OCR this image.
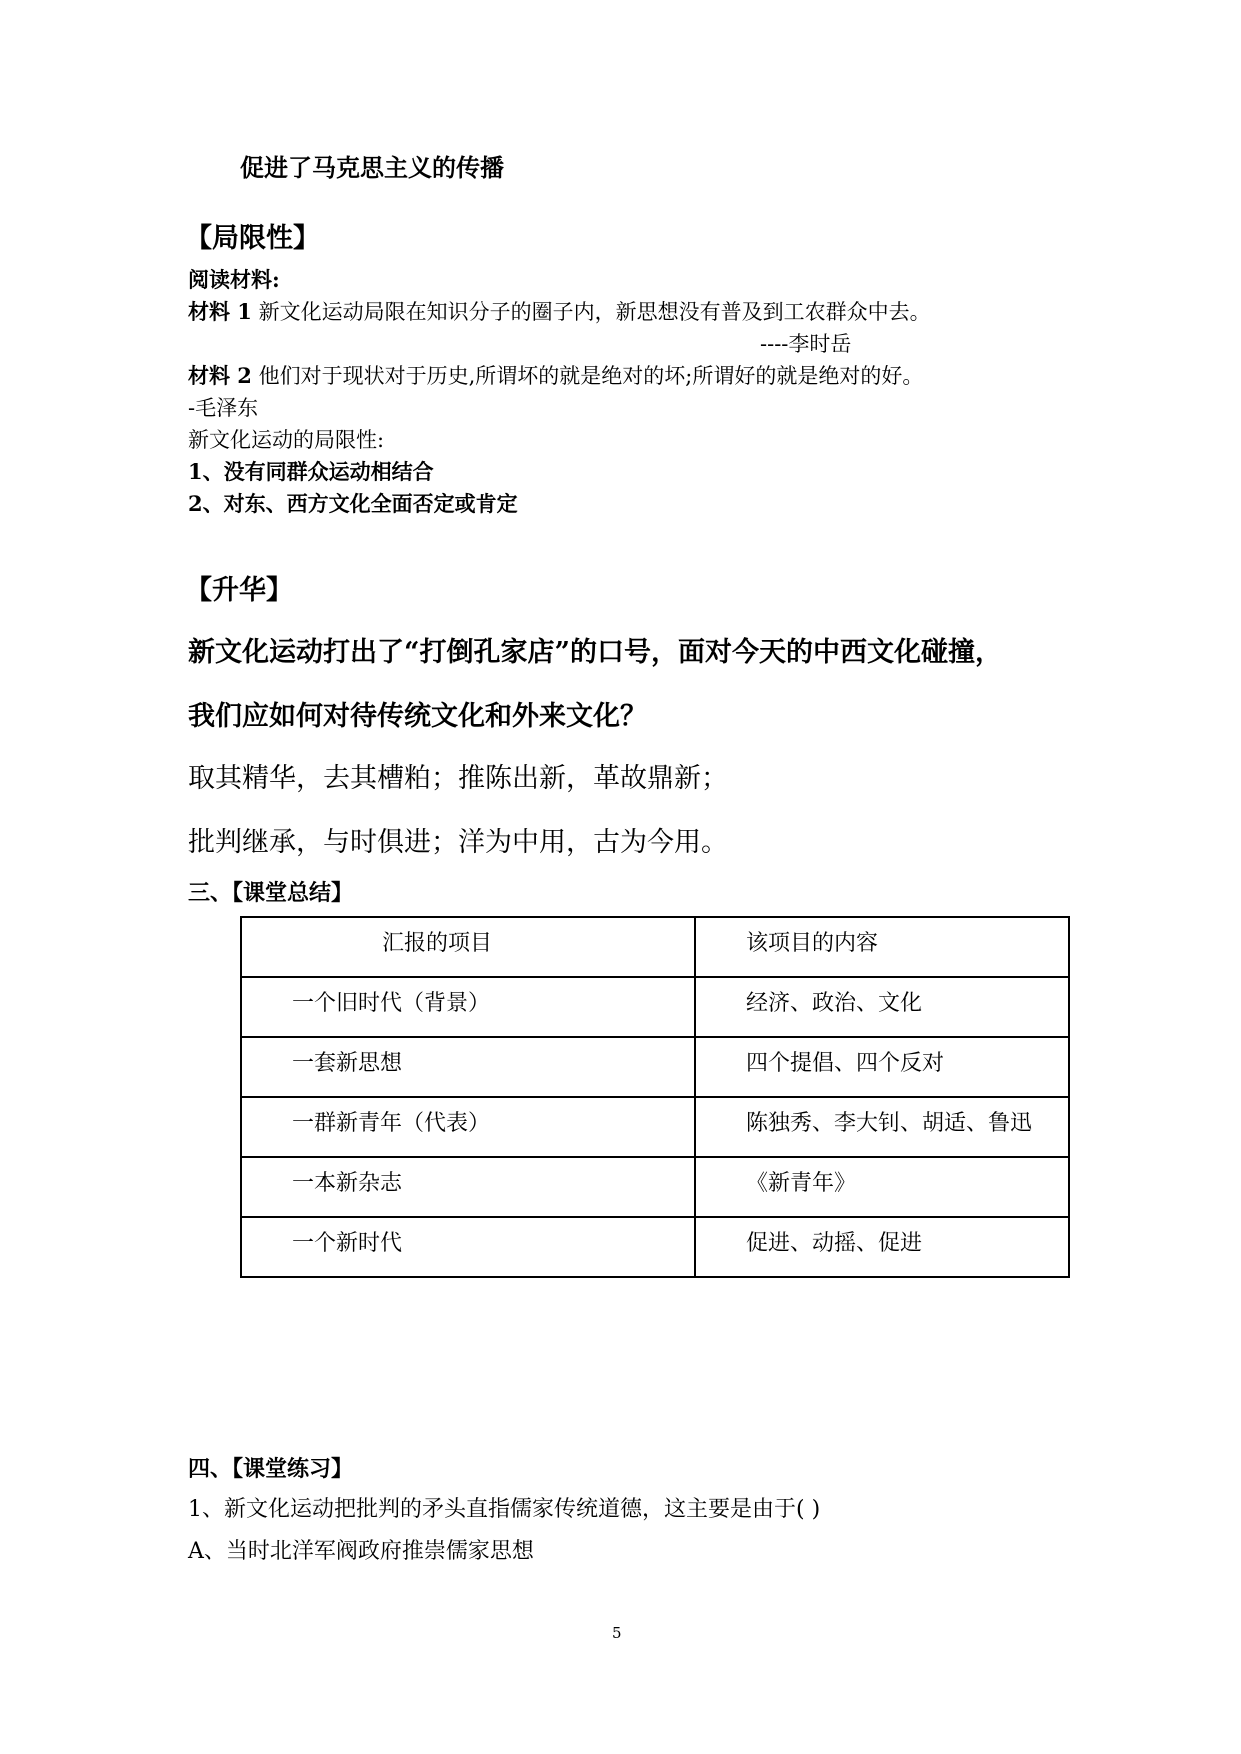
促进了马克思主义的传播
【局限性】
阅读材料:
材料 1 新文化运动局限在知识分子的圈子内，新思想没有普及到工农群众中去。
----李时岳
材料 2 他们对于现状对于历史,所谓坏的就是绝对的坏;所谓好的就是绝对的好。
-毛泽东
新文化运动的局限性:
1、没有同群众运动相结合
2、对东、西方文化全面否定或肯定
【升华】
新文化运动打出了“打倒孔家店”的口号，面对今天的中西文化碰撞，
我们应如何对待传统文化和外来文化？
取其精华，去其槽粕；推陈出新，革故鼎新；
批判继承，与时俱进；洋为中用，古为今用。
三、【课堂总结】
汇报的项目	该项目的内容
一个旧时代（背景）	经济、政治、文化
一套新思想	四个提倡、四个反对
一群新青年（代表）	陈独秀、李大钊、胡适、鲁迅
一本新杂志	《新青年》
一个新时代	促进、动摇、促进
四、【课堂练习】
1、新文化运动把批判的矛头直指儒家传统道德，这主要是由于( )
A、当时北洋军阀政府推崇儒家思想
5
